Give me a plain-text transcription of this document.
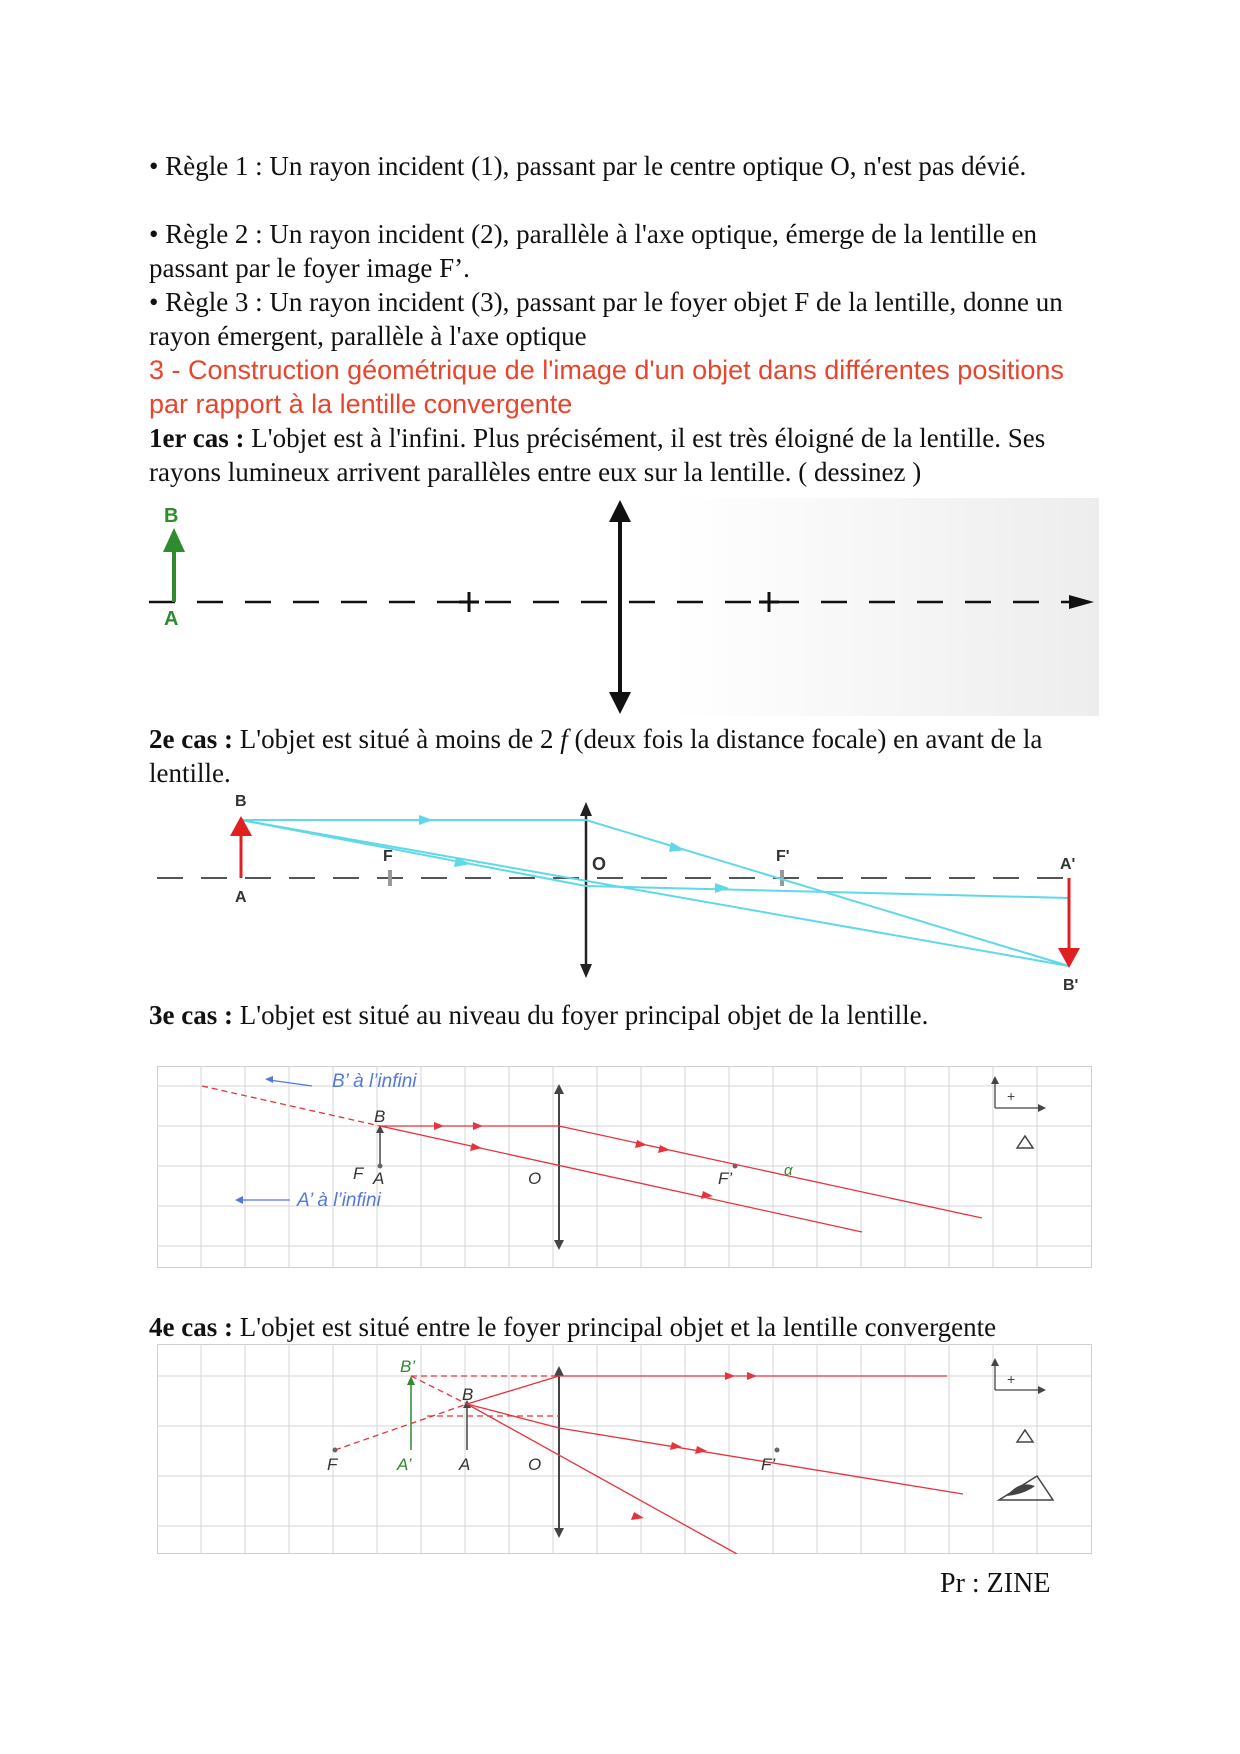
• Règle 1 : Un rayon incident (1), passant par le centre optique O, n'est pas dévié.

• Règle 2 : Un rayon incident (2), parallèle à l'axe optique, émerge de la lentille en passant par le foyer image F’.

• Règle 3 : Un rayon incident (3), passant par le foyer objet F de la lentille, donne un rayon émergent, parallèle à l'axe optique

3 - Construction géométrique de l'image d'un objet dans différentes positions par rapport à la lentille convergente

1er cas : L'objet est à l'infini. Plus précisément, il est très éloigné de la lentille. Ses rayons lumineux arrivent parallèles entre eux sur la lentille. ( dessinez )

B
A

2e cas : L'objet est situé à moins de 2 f (deux fois la distance focale) en avant de la lentille.

B
A
F	O	F'	A'
B'

3e cas : L'objet est situé au niveau du foyer principal objet de la lentille.

B’ à l’infini
A’ à l’infini
B
F A	O	F’	α
+

4e cas : L'objet est situé entre le foyer principal objet et la lentille convergente

B’
B
F	A’	A	O	F’
+
Pr : ZINE
